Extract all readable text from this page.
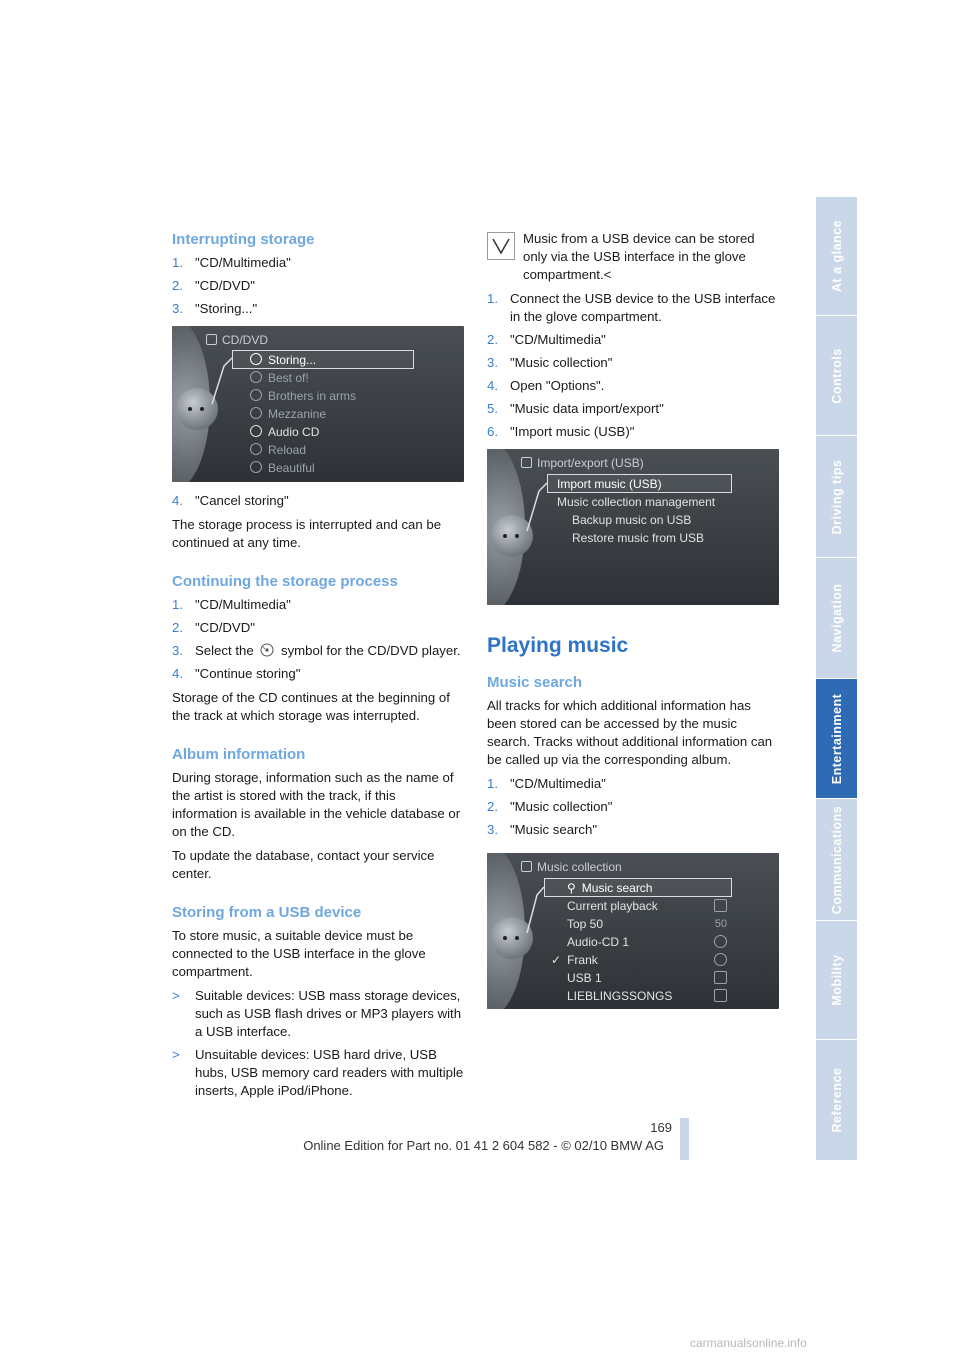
Interrupting storage
1. "CD/Multimedia"
2. "CD/DVD"
3. "Storing..."
CD/DVD
Storing...
Best of!
Brothers in arms
Mezzanine
Audio CD
Reload
Beautiful
4. "Cancel storing"

The storage process is interrupted and can be continued at any time.

Continuing the storage process
1. "CD/Multimedia"
2. "CD/DVD"
3. Select the  symbol for the CD/DVD player.
4. "Continue storing"

Storage of the CD continues at the beginning of the track at which storage was interrupted.

Album information

During storage, information such as the name of the artist is stored with the track, if this information is available in the vehicle database or on the CD.

To update the database, contact your service center.

Storing from a USB device

To store music, a suitable device must be connected to the USB interface in the glove compartment.

> Suitable devices: USB mass storage devices, such as USB flash drives or MP3 players with a USB interface.
> Unsuitable devices: USB hard drive, USB hubs, USB memory card readers with multiple inserts, Apple iPod/iPhone.

Music from a USB device can be stored only via the USB interface in the glove compartment.<

1. Connect the USB device to the USB interface in the glove compartment.
2. "CD/Multimedia"
3. "Music collection"
4. Open "Options".
5. "Music data import/export"
6. "Import music (USB)"
Import/export (USB)
Import music (USB)
Music collection management
Backup music on USB
Restore music from USB
Playing music
Music search

All tracks for which additional information has been stored can be accessed by the music search. Tracks without additional information can be called up via the corresponding album.

1. "CD/Multimedia"
2. "Music collection"
3. "Music search"
Music collection
⚲ Music search
Current playback
Top 50
Audio-CD 1
✓ Frank
USB 1
LIEBLINGSSONGS
50
At a glance
Controls
Driving tips
Navigation
Entertainment
Communications
Mobility
Reference
169
Online Edition for Part no. 01 41 2 604 582 - © 02/10 BMW AG
carmanualsonline.info
